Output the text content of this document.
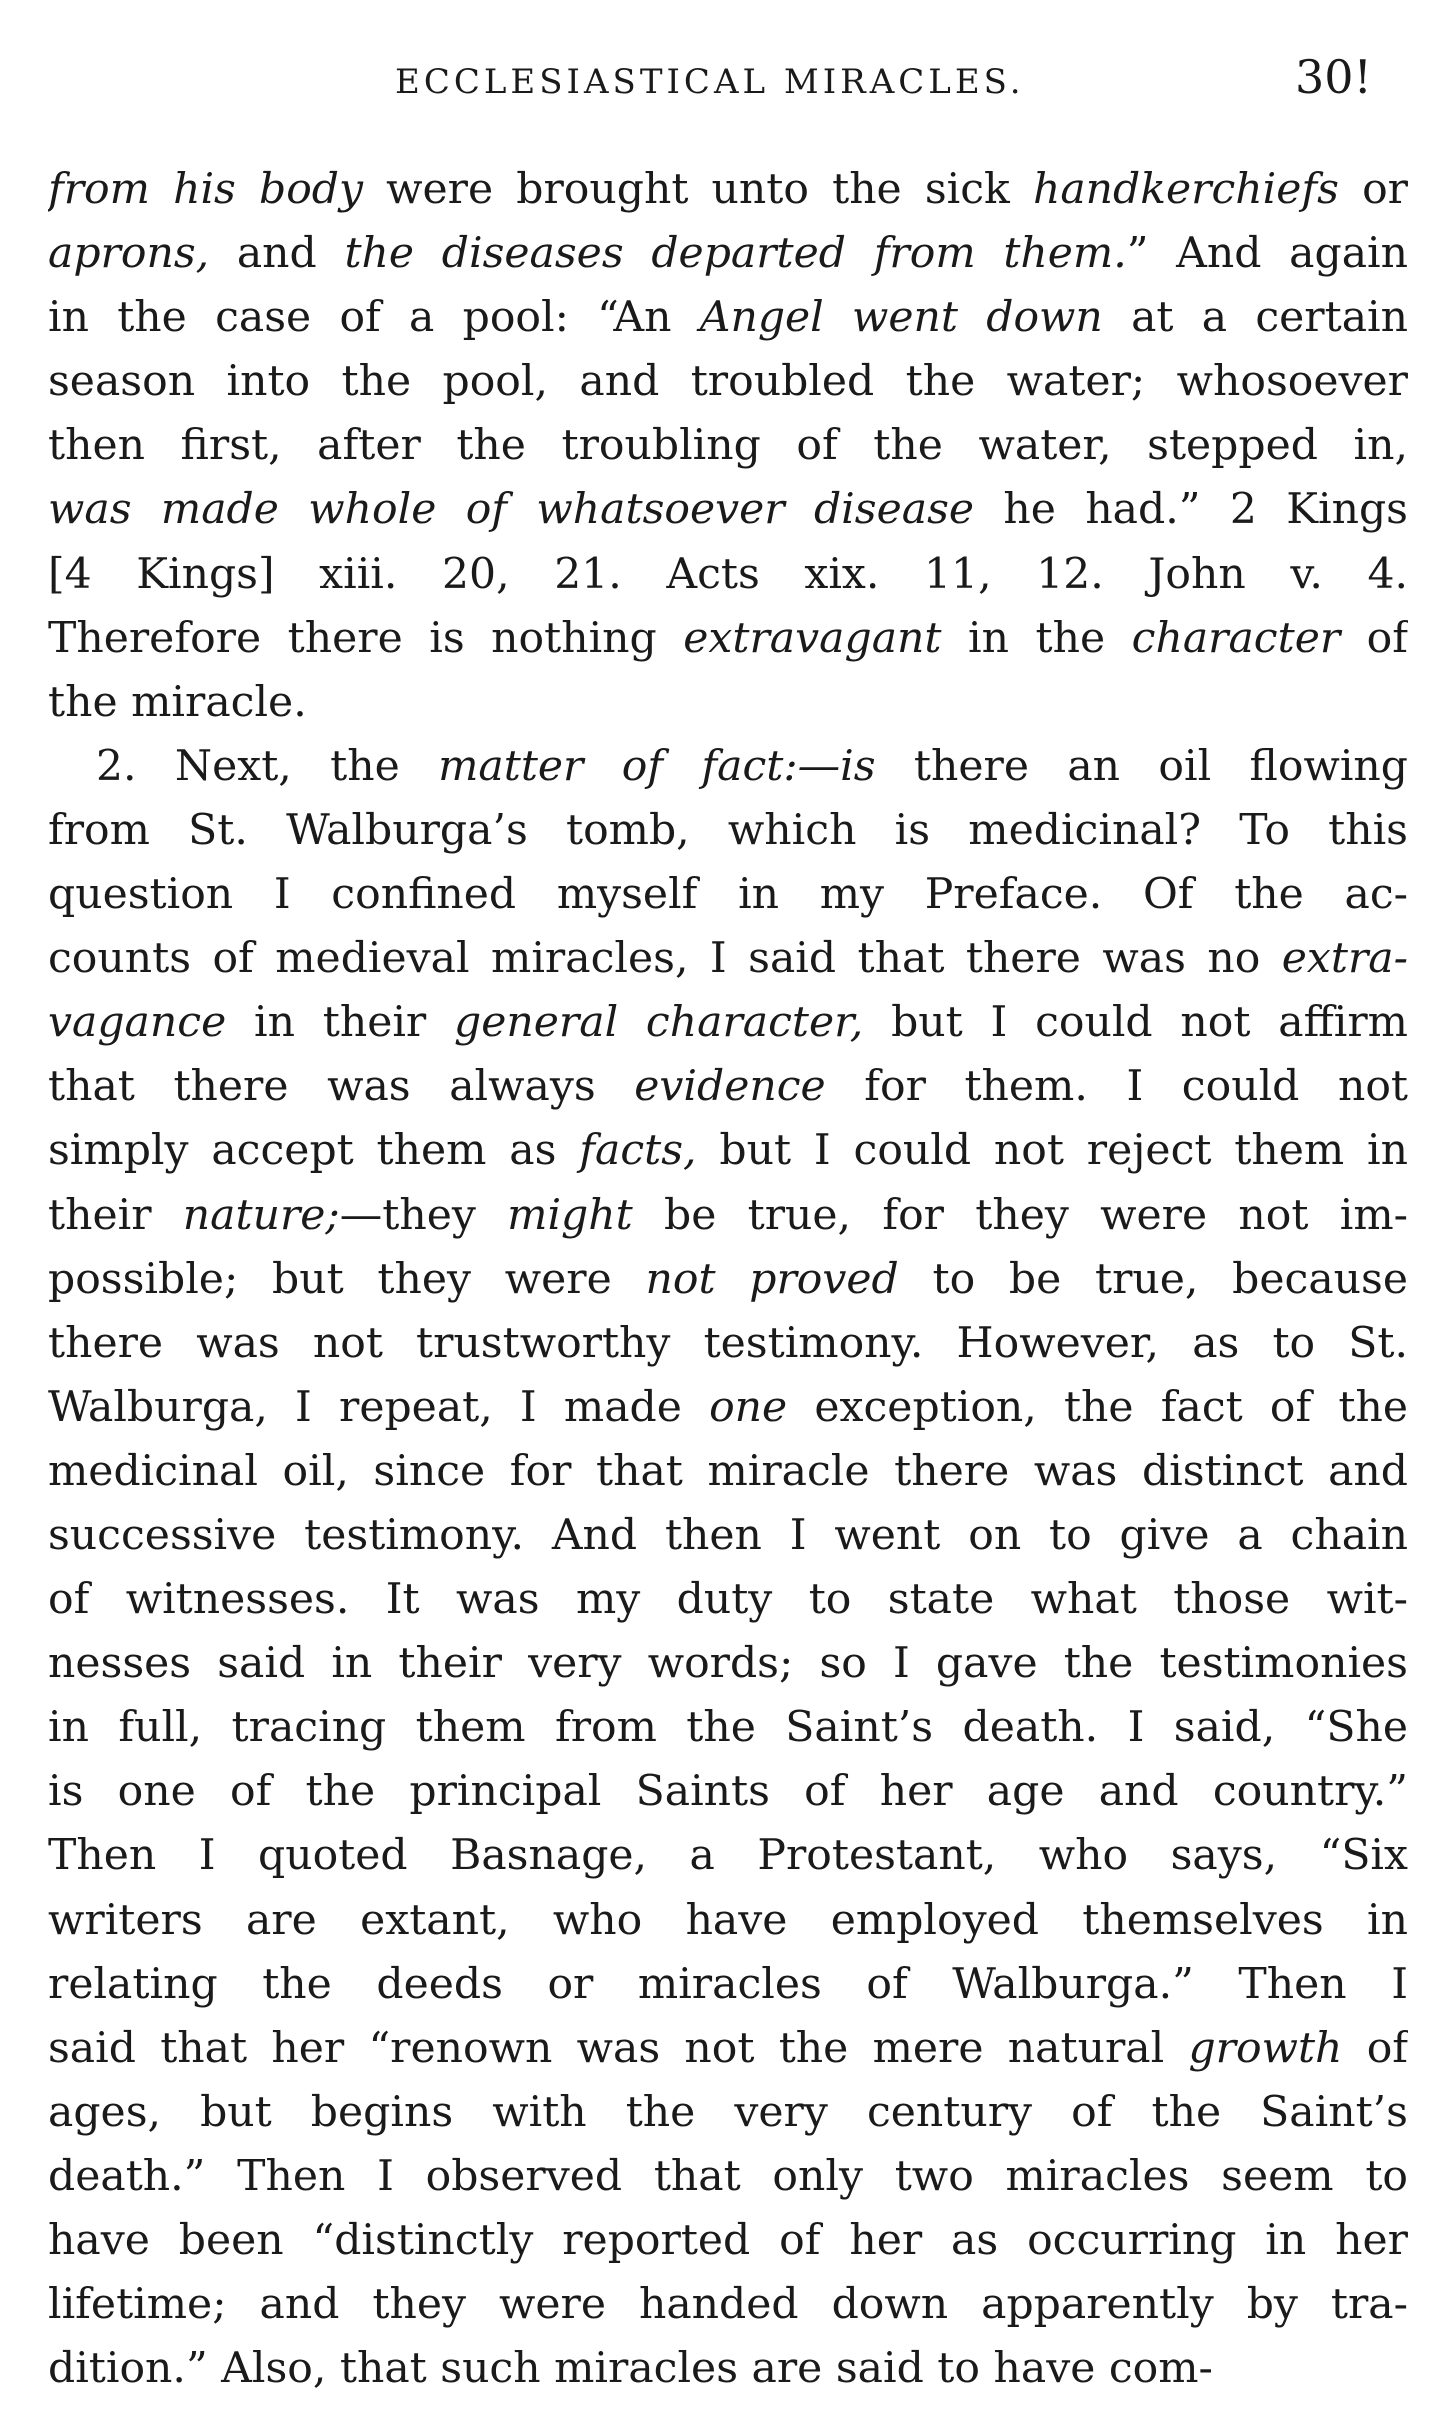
ECCLESIASTICAL MIRACLES.	30!
from his body were brought unto the sick handkerchiefs or
aprons, and the diseases departed from them.” And again
in the case of a pool: “An Angel went down at a certain
season into the pool, and troubled the water; whosoever
then first, after the troubling of the water, stepped in,
was made whole of whatsoever disease he had.” 2 Kings
[4 Kings] xiii. 20, 21. Acts xix. 11, 12. John v. 4.
Therefore there is nothing extravagant in the character of
the miracle.
2. Next, the matter of fact:—is there an oil flowing
from St. Walburga’s tomb, which is medicinal? To this
question I confined myself in my Preface. Of the ac-
counts of medieval miracles, I said that there was no extra-
vagance in their general character, but I could not affirm
that there was always evidence for them. I could not
simply accept them as facts, but I could not reject them in
their nature;—they might be true, for they were not im-
possible; but they were not proved to be true, because
there was not trustworthy testimony. However, as to St.
Walburga, I repeat, I made one exception, the fact of the
medicinal oil, since for that miracle there was distinct and
successive testimony. And then I went on to give a chain
of witnesses. It was my duty to state what those wit-
nesses said in their very words; so I gave the testimonies
in full, tracing them from the Saint’s death. I said, “She
is one of the principal Saints of her age and country.”
Then I quoted Basnage, a Protestant, who says, “Six
writers are extant, who have employed themselves in
relating the deeds or miracles of Walburga.” Then I
said that her “renown was not the mere natural growth of
ages, but begins with the very century of the Saint’s
death.” Then I observed that only two miracles seem to
have been “distinctly reported of her as occurring in her
lifetime; and they were handed down apparently by tra-
dition.” Also, that such miracles are said to have com-
